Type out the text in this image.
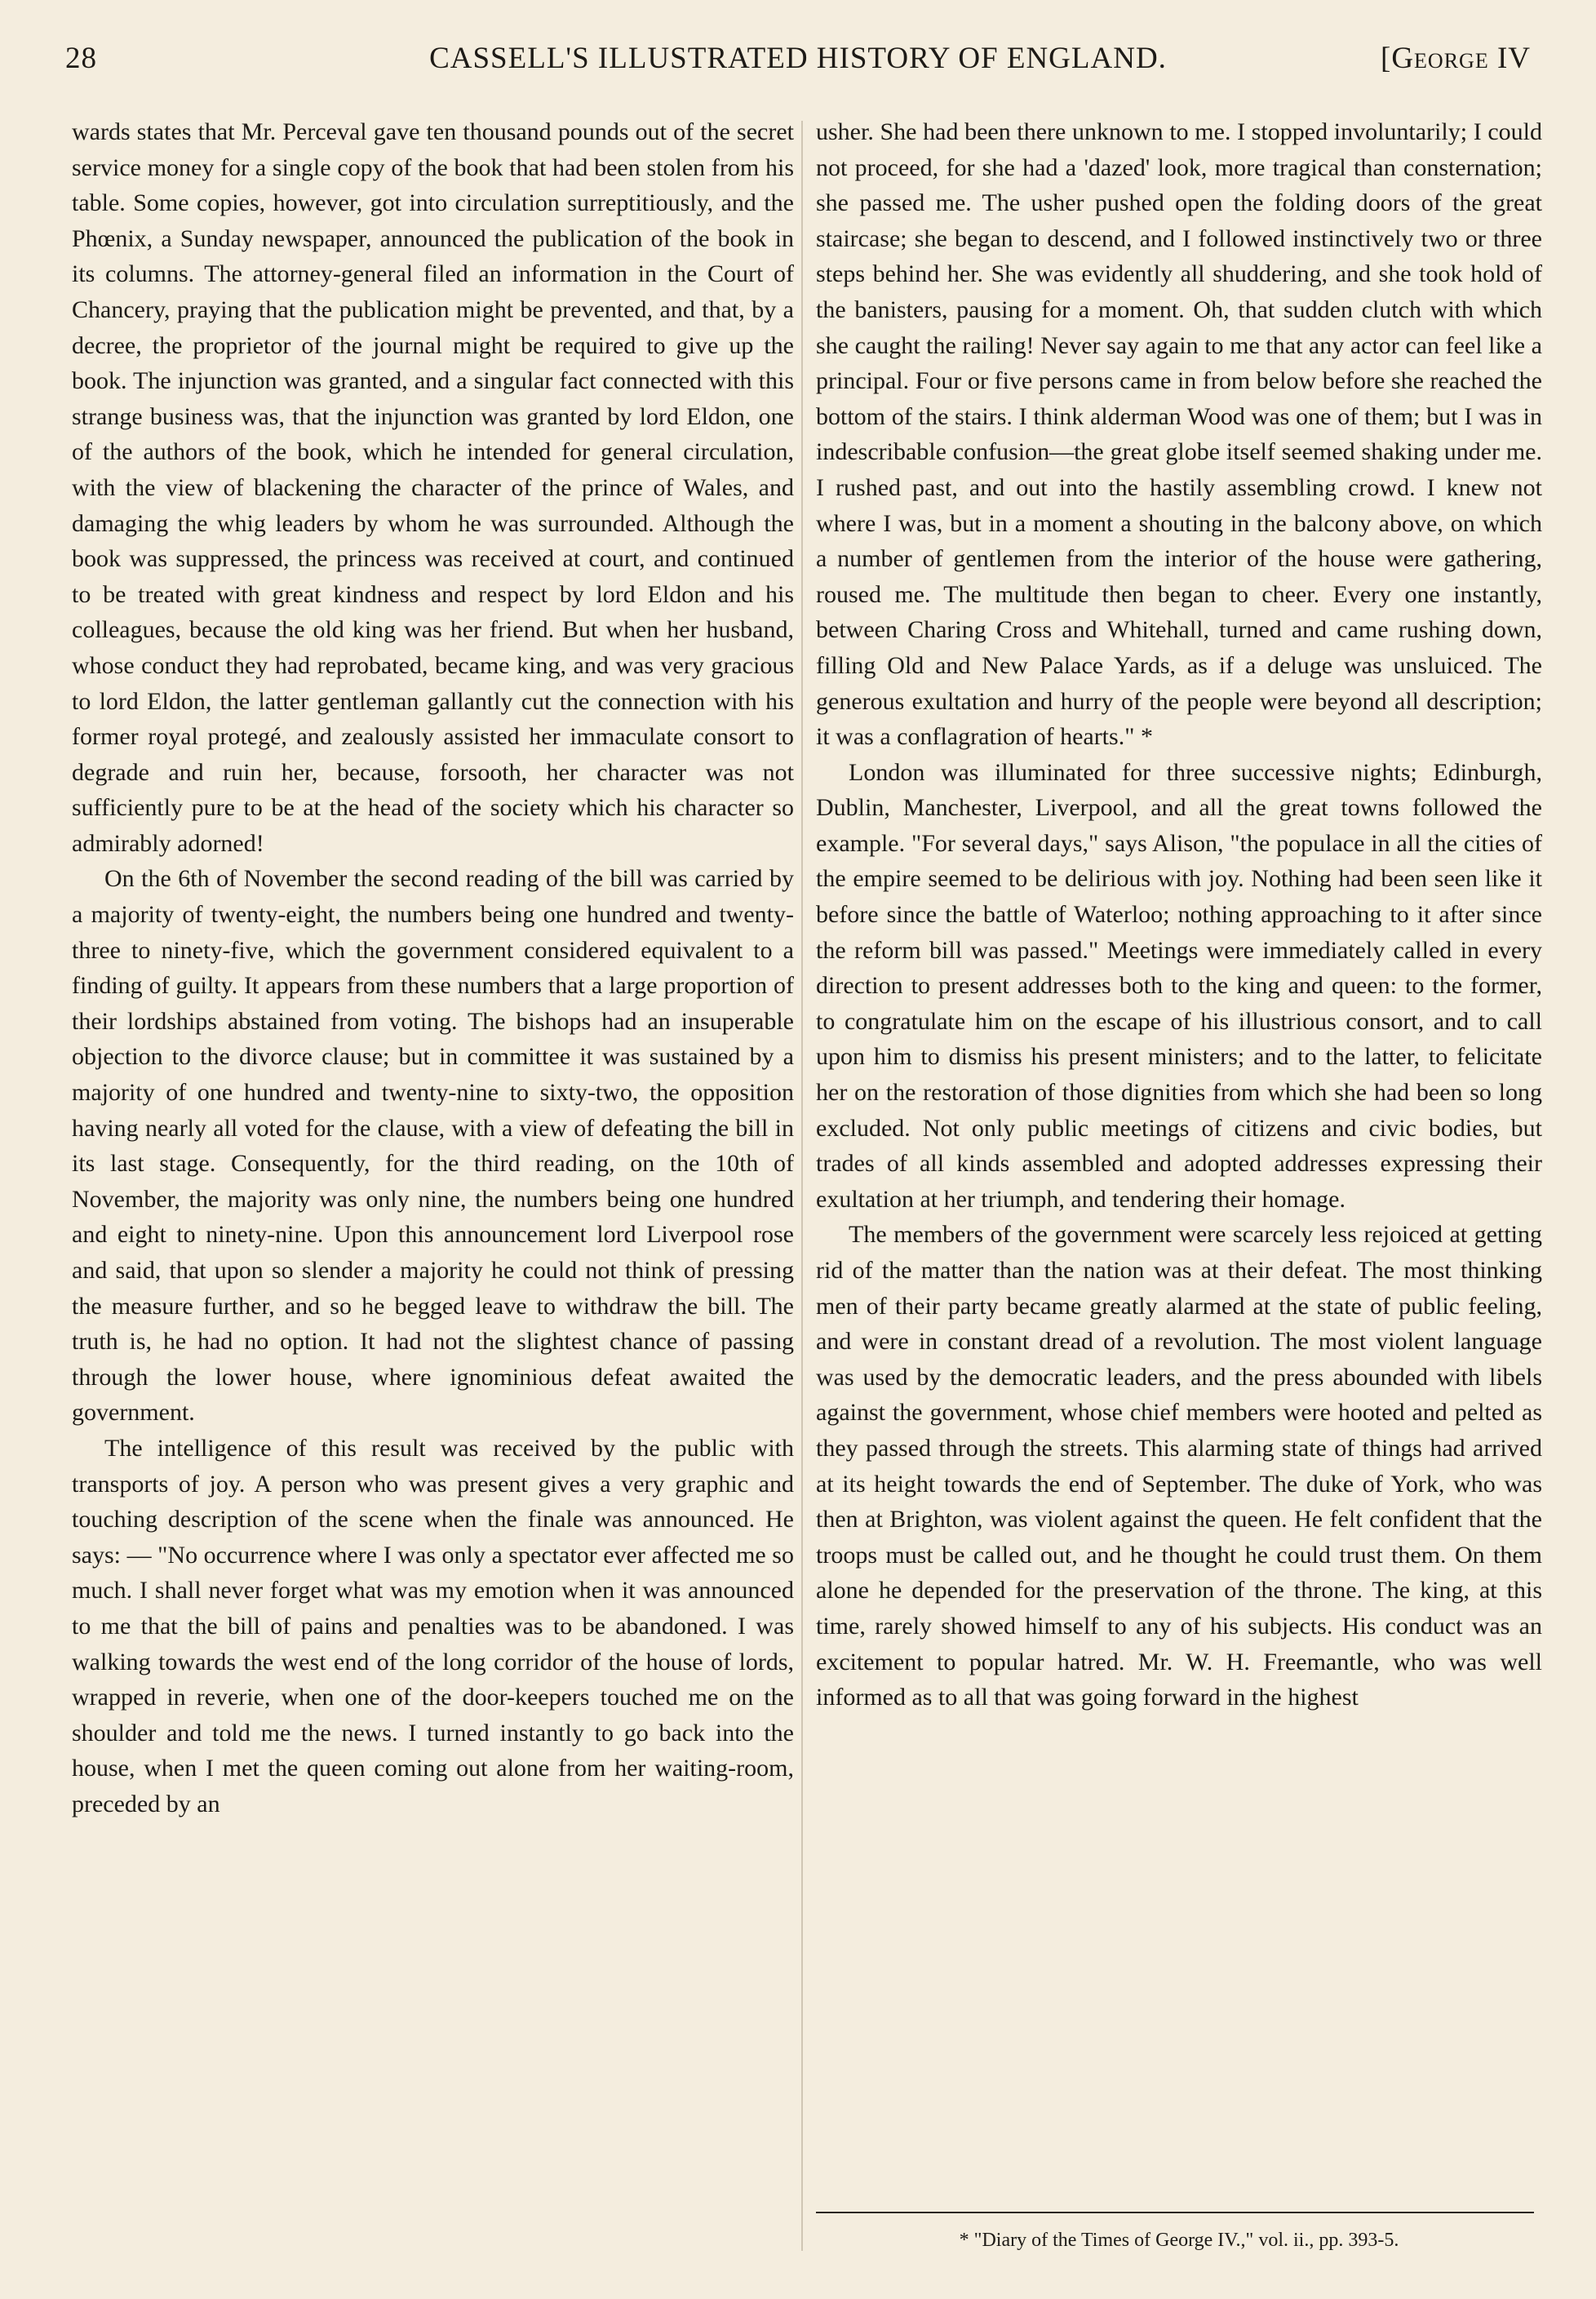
28	CASSELL'S ILLUSTRATED HISTORY OF ENGLAND.	[George IV

wards states that Mr. Perceval gave ten thousand pounds out of the secret service money for a single copy of the book that had been stolen from his table. Some copies, however, got into circulation surreptitiously, and the Phœnix, a Sunday newspaper, announced the publication of the book in its columns. The attorney-general filed an information in the Court of Chancery, praying that the publication might be prevented, and that, by a decree, the proprietor of the journal might be required to give up the book. The injunction was granted, and a singular fact connected with this strange business was, that the injunction was granted by lord Eldon, one of the authors of the book, which he intended for general circulation, with the view of blackening the character of the prince of Wales, and damaging the whig leaders by whom he was surrounded. Although the book was suppressed, the princess was received at court, and continued to be treated with great kindness and respect by lord Eldon and his colleagues, because the old king was her friend. But when her husband, whose conduct they had reprobated, became king, and was very gracious to lord Eldon, the latter gentleman gallantly cut the connection with his former royal protegé, and zealously assisted her immaculate consort to degrade and ruin her, because, forsooth, her character was not sufficiently pure to be at the head of the society which his character so admirably adorned!

On the 6th of November the second reading of the bill was carried by a majority of twenty-eight, the numbers being one hundred and twenty-three to ninety-five, which the government considered equivalent to a finding of guilty. It appears from these numbers that a large proportion of their lordships abstained from voting. The bishops had an insuperable objection to the divorce clause; but in committee it was sustained by a majority of one hundred and twenty-nine to sixty-two, the opposition having nearly all voted for the clause, with a view of defeating the bill in its last stage. Consequently, for the third reading, on the 10th of November, the majority was only nine, the numbers being one hundred and eight to ninety-nine. Upon this announcement lord Liverpool rose and said, that upon so slender a majority he could not think of pressing the measure further, and so he begged leave to withdraw the bill. The truth is, he had no option. It had not the slightest chance of passing through the lower house, where ignominious defeat awaited the government.

The intelligence of this result was received by the public with transports of joy. A person who was present gives a very graphic and touching description of the scene when the finale was announced. He says: — "No occurrence where I was only a spectator ever affected me so much. I shall never forget what was my emotion when it was announced to me that the bill of pains and penalties was to be abandoned. I was walking towards the west end of the long corridor of the house of lords, wrapped in reverie, when one of the door-keepers touched me on the shoulder and told me the news. I turned instantly to go back into the house, when I met the queen coming out alone from her waiting-room, preceded by an

usher. She had been there unknown to me. I stopped involuntarily; I could not proceed, for she had a 'dazed' look, more tragical than consternation; she passed me. The usher pushed open the folding doors of the great staircase; she began to descend, and I followed instinctively two or three steps behind her. She was evidently all shuddering, and she took hold of the banisters, pausing for a moment. Oh, that sudden clutch with which she caught the railing! Never say again to me that any actor can feel like a principal. Four or five persons came in from below before she reached the bottom of the stairs. I think alderman Wood was one of them; but I was in indescribable confusion—the great globe itself seemed shaking under me. I rushed past, and out into the hastily assembling crowd. I knew not where I was, but in a moment a shouting in the balcony above, on which a number of gentlemen from the interior of the house were gathering, roused me. The multitude then began to cheer. Every one instantly, between Charing Cross and Whitehall, turned and came rushing down, filling Old and New Palace Yards, as if a deluge was unsluiced. The generous exultation and hurry of the people were beyond all description; it was a conflagration of hearts." *

London was illuminated for three successive nights; Edinburgh, Dublin, Manchester, Liverpool, and all the great towns followed the example. "For several days," says Alison, "the populace in all the cities of the empire seemed to be delirious with joy. Nothing had been seen like it before since the battle of Waterloo; nothing approaching to it after since the reform bill was passed." Meetings were immediately called in every direction to present addresses both to the king and queen: to the former, to congratulate him on the escape of his illustrious consort, and to call upon him to dismiss his present ministers; and to the latter, to felicitate her on the restoration of those dignities from which she had been so long excluded. Not only public meetings of citizens and civic bodies, but trades of all kinds assembled and adopted addresses expressing their exultation at her triumph, and tendering their homage.

The members of the government were scarcely less rejoiced at getting rid of the matter than the nation was at their defeat. The most thinking men of their party became greatly alarmed at the state of public feeling, and were in constant dread of a revolution. The most violent language was used by the democratic leaders, and the press abounded with libels against the government, whose chief members were hooted and pelted as they passed through the streets. This alarming state of things had arrived at its height towards the end of September. The duke of York, who was then at Brighton, was violent against the queen. He felt confident that the troops must be called out, and he thought he could trust them. On them alone he depended for the preservation of the throne. The king, at this time, rarely showed himself to any of his subjects. His conduct was an excitement to popular hatred. Mr. W. H. Freemantle, who was well informed as to all that was going forward in the highest

* "Diary of the Times of George IV.," vol. ii., pp. 393-5.
